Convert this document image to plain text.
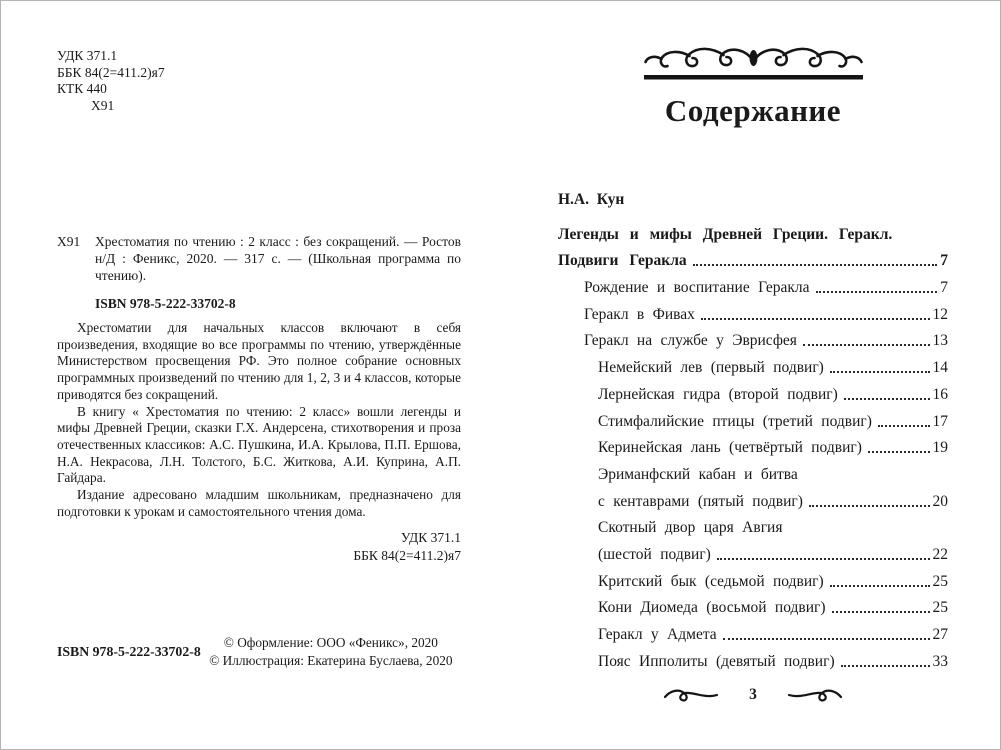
УДК 371.1
ББК 84(2=411.2)я7
КТК 440
Х91
Х91 Хрестоматия по чтению : 2 класс : без сокращений. — Ростов н/Д : Феникс, 2020. — 317 с. — (Школьная программа по чтению).
ISBN 978-5-222-33702-8

Хрестоматии для начальных классов включают в себя произведения, входящие во все программы по чтению, утверждённые Министерством просвещения РФ. Это полное собрание основных программных произведений по чтению для 1, 2, 3 и 4 классов, которые приводятся без сокращений.

В книгу « Хрестоматия по чтению: 2 класс» вошли легенды и мифы Древней Греции, сказки Г.Х. Андерсена, стихотворения и проза отечественных классиков: А.С. Пушкина, И.А. Крылова, П.П. Ершова, Н.А. Некрасова, Л.Н. Толстого, Б.С. Житкова, А.И. Куприна, А.П. Гайдара.

Издание адресовано младшим школьникам, предназначено для подготовки к урокам и самостоятельного чтения дома.

УДК 371.1
ББК 84(2=411.2)я7
ISBN 978-5-222-33702-8
© Оформление: ООО «Феникс», 2020
© Иллюстрация: Екатерина Буслаева, 2020
Содержание
Н.А.  Кун
Легенды и мифы Древней Греции. Геракл.
Подвиги Геракла	7
Рождение и воспитание Геракла	7
Геракл в Фивах	12
Геракл на службе у Эврисфея	13
Немейский лев (первый подвиг)	14
Лернейская гидра (второй подвиг)	16
Стимфалийские птицы (третий подвиг)	17
Керинейская лань (четвёртый подвиг)	19
Эриманфский кабан и битва
с кентаврами (пятый подвиг)	20
Скотный двор царя Авгия
(шестой подвиг)	22
Критский бык (седьмой подвиг)	25
Кони Диомеда (восьмой подвиг)	25
Геракл у Адмета	27
Пояс Ипполиты (девятый подвиг)	33
3
